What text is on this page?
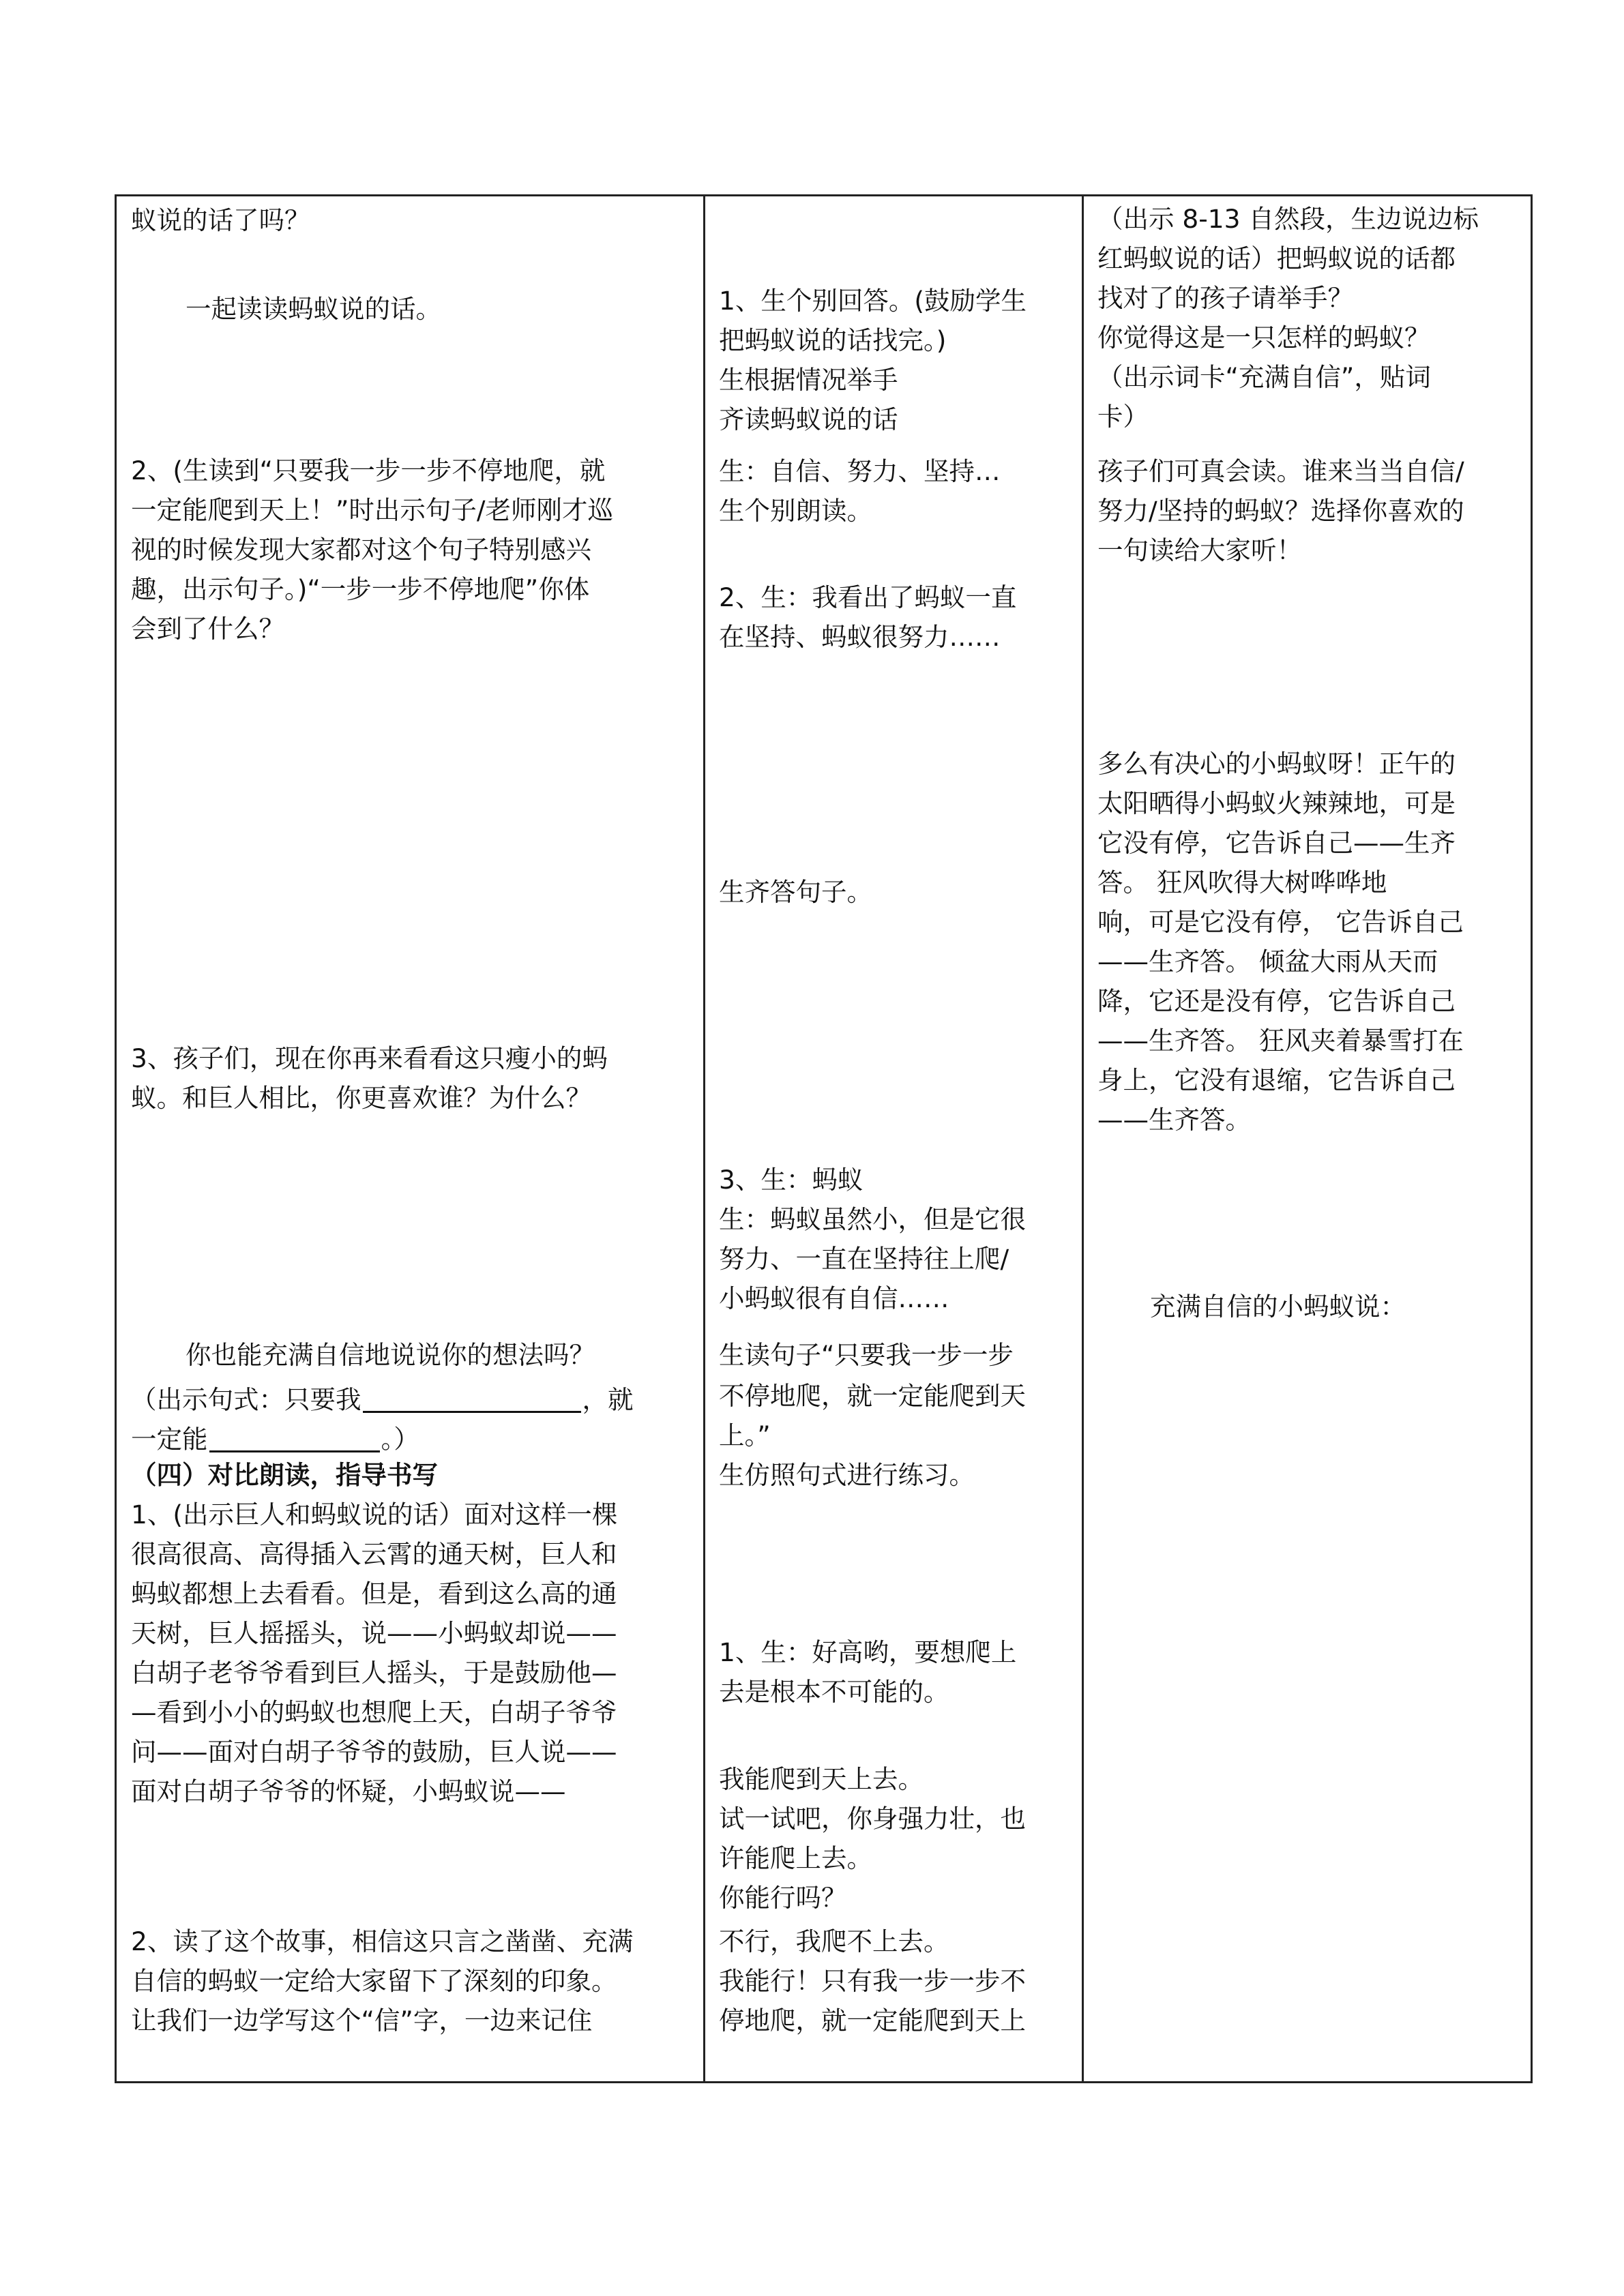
蚁说的话了吗？
一起读读蚂蚁说的话。
2、(生读到“只要我一步一步不停地爬，就
一定能爬到天上！”时出示句子/老师刚才巡
视的时候发现大家都对这个句子特别感兴
趣，出示句子。)“一步一步不停地爬”你体
会到了什么？
3、孩子们，现在你再来看看这只瘦小的蚂
蚁。和巨人相比，你更喜欢谁？为什么？
你也能充满自信地说说你的想法吗？
（出示句式：只要我	，就
一定能	。）
（四）对比朗读，指导书写
1、(出示巨人和蚂蚁说的话）面对这样一棵
很高很高、高得插入云霄的通天树，巨人和
蚂蚁都想上去看看。但是，看到这么高的通
天树，巨人摇摇头，说——小蚂蚁却说——
白胡子老爷爷看到巨人摇头，于是鼓励他—
—看到小小的蚂蚁也想爬上天，白胡子爷爷
问——面对白胡子爷爷的鼓励，巨人说——
面对白胡子爷爷的怀疑，小蚂蚁说——
2、读了这个故事，相信这只言之凿凿、充满
自信的蚂蚁一定给大家留下了深刻的印象。
让我们一边学写这个“信”字，一边来记住
1、生个别回答。(鼓励学生
把蚂蚁说的话找完。)
生根据情况举手
齐读蚂蚁说的话
生：自信、努力、坚持…
生个别朗读。
2、生：我看出了蚂蚁一直
在坚持、蚂蚁很努力……
生齐答句子。
3、生：蚂蚁
生：蚂蚁虽然小，但是它很
努力、一直在坚持往上爬/
小蚂蚁很有自信……
生读句子“只要我一步一步
不停地爬，就一定能爬到天
上。”
生仿照句式进行练习。
1、生：好高哟，要想爬上
去是根本不可能的。
我能爬到天上去。
试一试吧，你身强力壮，也
许能爬上去。
你能行吗？
不行，我爬不上去。
我能行！只有我一步一步不
停地爬，就一定能爬到天上
（出示 8-13 自然段，生边说边标
红蚂蚁说的话）把蚂蚁说的话都
找对了的孩子请举手？
你觉得这是一只怎样的蚂蚁？
（出示词卡“充满自信”，贴词
卡）
孩子们可真会读。谁来当当自信/
努力/坚持的蚂蚁？选择你喜欢的
一句读给大家听！
多么有决心的小蚂蚁呀！正午的
太阳晒得小蚂蚁火辣辣地，可是
它没有停，它告诉自己——生齐
答。 狂风吹得大树哗哗地
响，可是它没有停， 它告诉自己
——生齐答。 倾盆大雨从天而
降，它还是没有停，它告诉自己
——生齐答。 狂风夹着暴雪打在
身上，它没有退缩，它告诉自己
——生齐答。
充满自信的小蚂蚁说：
